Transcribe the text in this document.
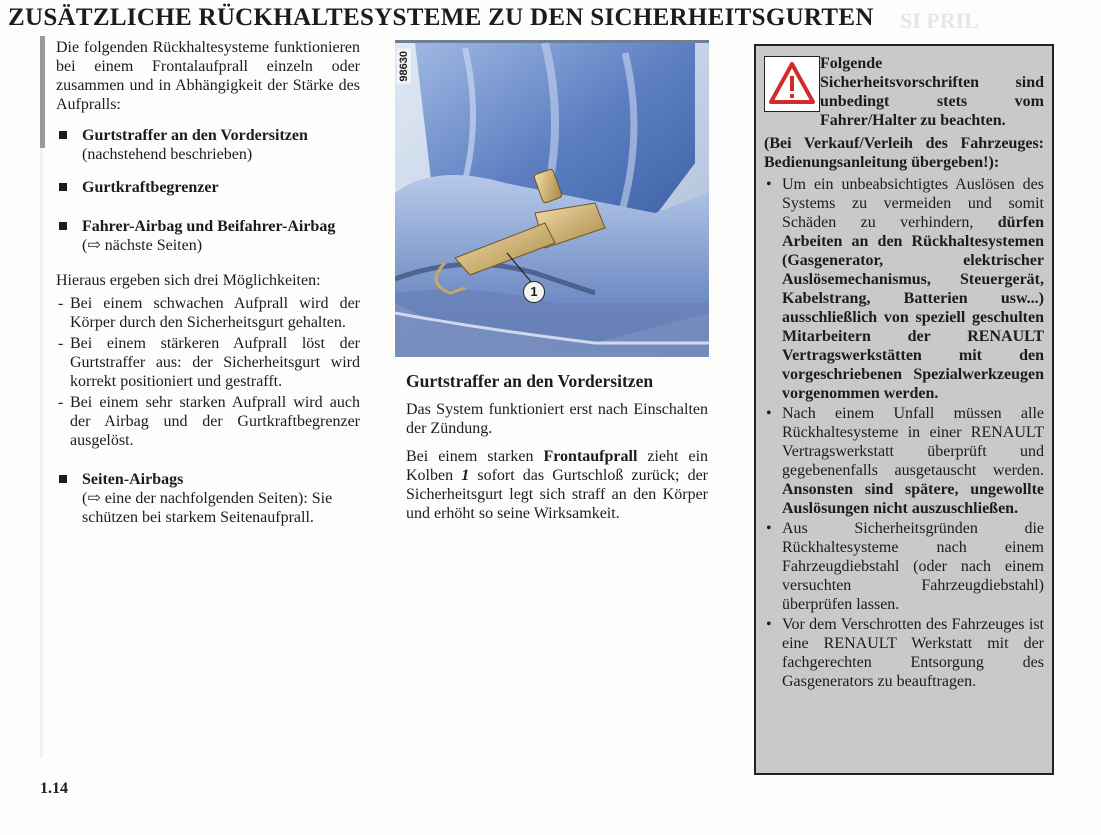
ZUSÄTZLICHE RÜCKHALTESYSTEME ZU DEN SICHERHEITSGURTEN	SI PRIL

Die folgenden Rückhaltesysteme funktionieren bei einem Frontalaufprall einzeln oder zusammen und in Abhängigkeit der Stärke des Aufpralls:

Gurtstraffer an den Vordersitzen
(nachstehend beschrieben)
Gurtkraftbegrenzer
Fahrer-Airbag und Beifahrer-Airbag
(⇨ nächste Seiten)

Hieraus ergeben sich drei Möglichkeiten:

- Bei einem schwachen Aufprall wird der Körper durch den Sicherheitsgurt gehalten.

- Bei einem stärkeren Aufprall löst der Gurtstraffer aus: der Sicherheitsgurt wird korrekt positioniert und gestrafft.

- Bei einem sehr starken Aufprall wird auch der Airbag und der Gurtkraftbegrenzer ausgelöst.

Seiten-Airbags
(⇨ eine der nachfolgenden Seiten): Sie schützen bei starkem Seitenaufprall.
98630
1
Gurtstraffer an den Vordersitzen

Das System funktioniert erst nach Einschalten der Zündung.

Bei einem starken Frontaufprall zieht ein Kolben 1 sofort das Gurtschloß zurück; der Sicherheitsgurt legt sich straff an den Körper und erhöht so seine Wirksamkeit.

Folgende Sicherheitsvorschriften sind unbedingt stets vom Fahrer/Halter zu beachten.

(Bei Verkauf/Verleih des Fahrzeuges: Bedienungsanleitung übergeben!):

• Um ein unbeabsichtigtes Auslösen des Systems zu vermeiden und somit Schäden zu verhindern, dürfen Arbeiten an den Rückhaltesystemen (Gasgenerator, elektrischer Auslösemechanismus, Steuergerät, Kabelstrang, Batterien usw...) ausschließlich von speziell geschulten Mitarbeitern der RENAULT Vertragswerkstätten mit den vorgeschriebenen Spezialwerkzeugen vorgenommen werden.

• Nach einem Unfall müssen alle Rückhaltesysteme in einer RENAULT Vertragswerkstatt überprüft und gegebenenfalls ausgetauscht werden. Ansonsten sind spätere, ungewollte Auslösungen nicht auszuschließen.

• Aus Sicherheitsgründen die Rückhaltesysteme nach einem Fahrzeugdiebstahl (oder nach einem versuchten Fahrzeugdiebstahl) überprüfen lassen.

• Vor dem Verschrotten des Fahrzeuges ist eine RENAULT Werkstatt mit der fachgerechten Entsorgung des Gasgenerators zu beauftragen.

1.14
